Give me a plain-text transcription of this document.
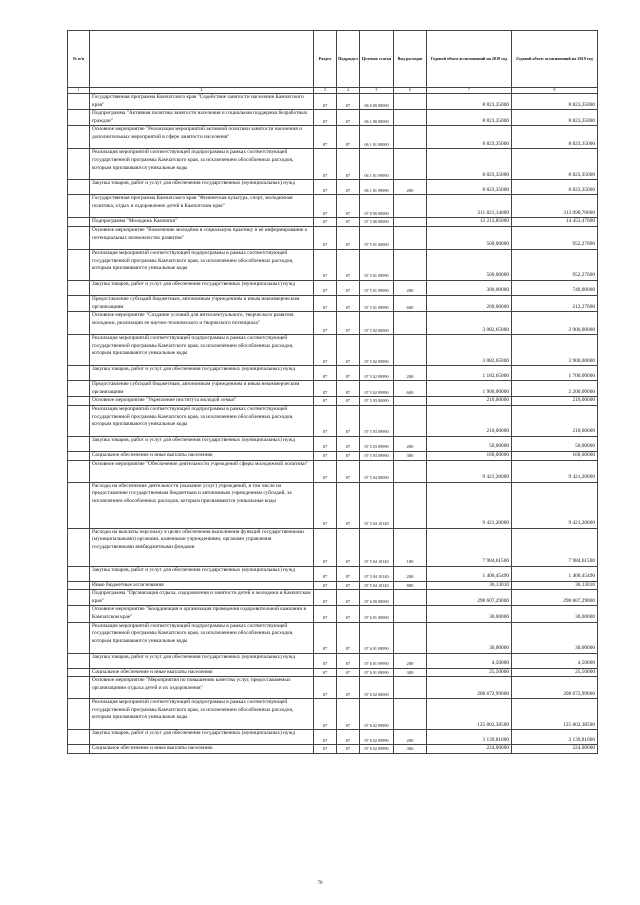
№ п/п		Раздел	Подраздел	Целевая статья	Вид расходов	Годовой объем ассигнований на 2018 год	Годовой объем ассигнований на 2019 год
1	2	3	4	5	6	7	8
	Государственная программа Камчатского края "Содействие занятости населения Камчатского края"	07	07	06 0 00 00000		8 823,35000	8 823,35000
	Подпрограмма "Активная политика занятости населения и социальная поддержка безработных граждан"	07	07	06 1 00 00000		8 823,35000	8 823,35000
	Основное мероприятие "Реализация мероприятий активной политики занятости населения и дополнительных мероприятий в сфере занятости населения"	07	07	06 1 01 00000		8 823,35000	8 823,35000
	Реализация мероприятий соответствующей подпрограммы в рамках соответствующей государственной программы Камчатского края, за исключением обособленных расходов, которым присваиваются уникальные коды	07	07	06 1 01 09990		8 823,35000	8 823,35000
	Закупка товаров, работ и услуг для обеспечения государственных (муниципальных) нужд	07	07	06 1 01 09990	200	8 823,35000	8 823,35000
	Государственная программа Камчатского края "Физическая культура, спорт, молодежная политика, отдых и оздоровление детей в Камчатском крае"	07	07	07 0 00 00000		311 821,14000	313 090,76000
	Подпрограмма "Молодежь Камчатки"	07	07	07 5 00 00000		13 213,85000	14 453,47000
	Основное мероприятие "Вовлечение молодёжи в социальную практику и её информирование о потенциальных возможностях развития"	07	07	07 5 01 00000		500,00000	952,27000
	Реализация мероприятий соответствующей подпрограммы в рамках соответствующей государственной программы Камчатского края, за исключением обособленных расходов, которым присваиваются уникальные коды	07	07	07 5 01 09990		500,00000	952,27000
	Закупка товаров, работ и услуг для обеспечения государственных (муниципальных) нужд	07	07	07 5 01 09990	200	300,00000	740,00000
	Предоставление субсидий бюджетным, автономным учреждениям и иным некоммерческим организациям	07	07	07 5 01 09990	600	200,00000	212,27000
	Основное мероприятие "Создание условий для интеллектуального, творческого развития молодежи, реализации ее научно-технического и творческого потенциала"	07	07	07 5 02 00000		3 082,65000	3 900,00000
	Реализация мероприятий соответствующей подпрограммы в рамках соответствующей государственной программы Камчатского края, за исключением обособленных расходов, которым присваиваются уникальные коды	07	07	07 5 02 09990		3 082,65000	3 900,00000
	Закупка товаров, работ и услуг для обеспечения государственных (муниципальных) нужд	07	07	07 5 02 09990	200	1 182,65000	1 700,00000
	Предоставление субсидий бюджетным, автономным учреждениям и иным некоммерческим организациям	07	07	07 5 02 09990	600	1 900,00000	2 200,00000
	Основное мероприятие "Укрепление института молодой семьи"	07	07	07 5 03 00000		210,00000	210,00000
	Реализация мероприятий соответствующей подпрограммы в рамках соответствующей государственной программы Камчатского края, за исключением обособленных расходов, которым присваиваются уникальные коды	07	07	07 5 03 09990		210,00000	210,00000
	Закупка товаров, работ и услуг для обеспечения государственных (муниципальных) нужд	07	07	07 5 03 09990	200	50,00000	50,00000
	Социальное обеспечение и иные выплаты населению	07	07	07 5 03 09990	300	160,00000	160,00000
	Основное мероприятие "Обеспечение деятельности учреждений сферы молодежной политики"	07	07	07 5 04 00000		9 421,20000	9 421,20000
	Расходы на обеспечение деятельности (оказание услуг) учреждений, в том числе на предоставление государственным бюджетным и автономным учреждениям субсидий, за исключением обособленных расходов, которым присваиваются уникальные коды	07	07	07 5 04 10140		9 421,20000	9 421,20000
	Расходы на выплаты персоналу в целях обеспечения выполнения функций государственными (муниципальными) органами, казенными учреждениями, органами управления государственными внебюджетными фондами	07	07	07 5 04 10140	100	7 984,61500	7 984,61500
	Закупка товаров, работ и услуг для обеспечения государственных (муниципальных) нужд	07	07	07 5 04 10140	200	1 400,45490	1 400,45490
	Иные бюджетные ассигнования	07	07	07 5 04 10140	800	36,13010	36,13010
	Подпрограмма "Организация отдыха, оздоровления и занятости детей и молодежи в Камчатском крае"	07	07	07 6 00 00000		298 607,29000	298 607,29000
	Основное мероприятие "Координация и организация проведения оздоровительной кампании в Камчатском крае"	07	07	07 6 01 00000		30,00000	30,00000
	Реализация мероприятий соответствующей подпрограммы в рамках соответствующей государственной программы Камчатского края, за исключением обособленных расходов, которым присваиваются уникальные коды	07	07	07 6 01 09990		30,00000	30,00000
	Закупка товаров, работ и услуг для обеспечения государственных (муниципальных) нужд	07	07	07 6 01 09990	200	4,50000	4,50000
	Социальное обеспечение и иные выплаты населению	07	07	07 6 01 09990	300	25,50000	25,50000
	Основное мероприятие "Мероприятия по повышению качества услуг, предоставляемых организациями отдыха детей и их оздоровления"	07	07	07 6 02 00000		208 672,99000	208 672,99000
	Реализация мероприятий соответствующей подпрограммы в рамках соответствующей государственной программы Камчатского края, за исключением обособленных расходов, которым присваиваются уникальные коды	07	07	07 6 02 09990		125 802,38500	125 802,38500
	Закупка товаров, работ и услуг для обеспечения государственных (муниципальных) нужд	07	07	07 6 02 09990	200	3 139,81000	3 139,81000
	Социальное обеспечение и иные выплаты населению	07	07	07 6 02 09990	300	224,00000	224,00000
70
